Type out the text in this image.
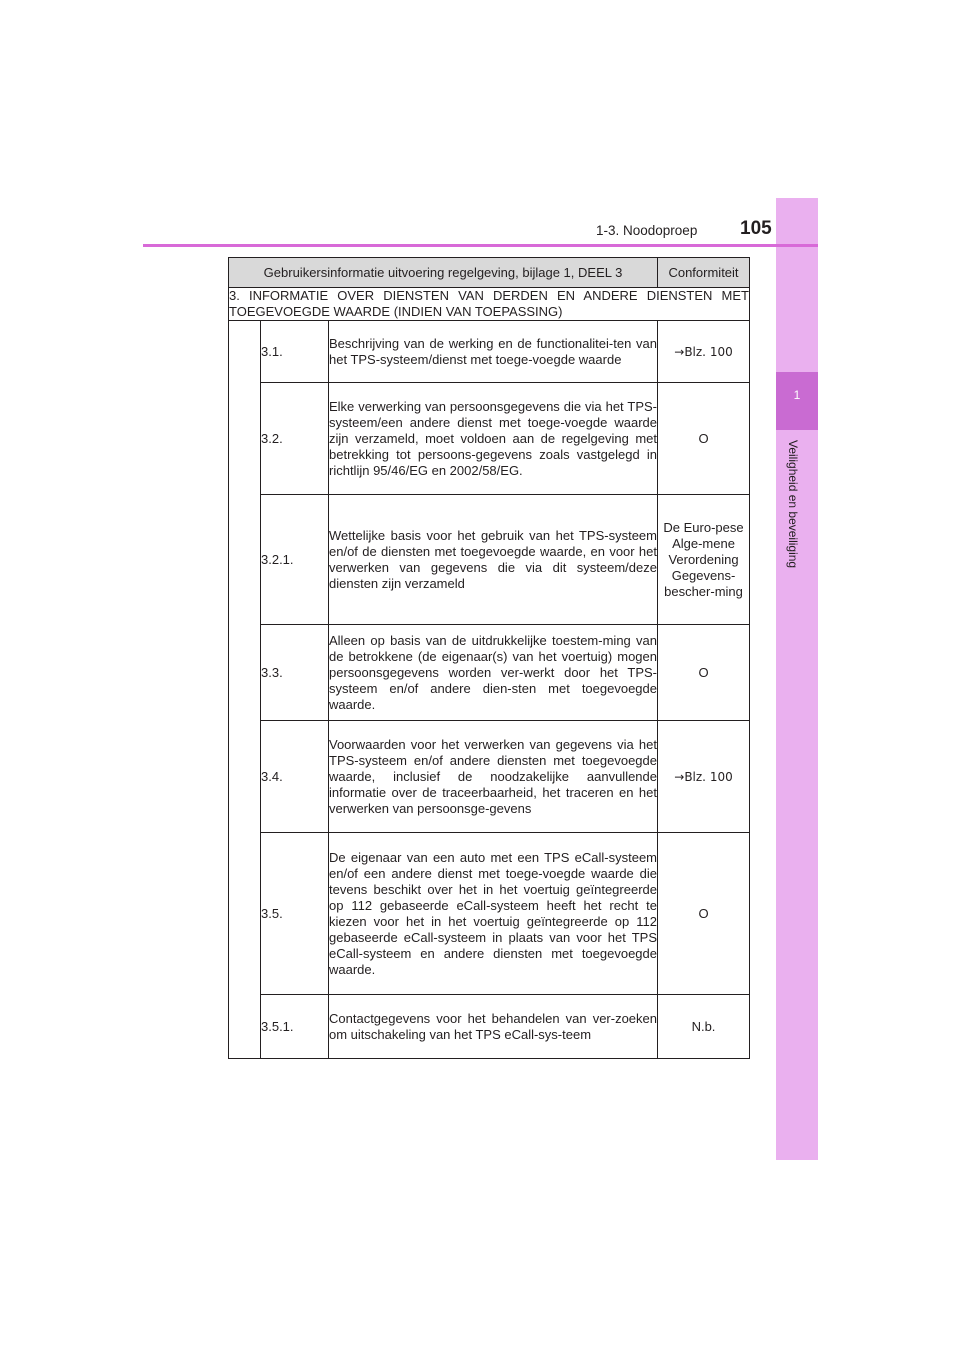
1
Veiligheid en beveiliging
1-3. Noodoproep 105
Gebruikersinformatie uitvoering regelgeving, bijlage 1, DEEL 3			Conformiteit
3. INFORMATIE OVER DIENSTEN VAN DERDEN EN ANDERE DIENSTEN MET TOEGEVOEGDE WAARDE (INDIEN VAN TOEPASSING)			
	3.1.	Beschrijving van de werking en de functionalitei-ten van het TPS-systeem/dienst met toege-voegde waarde	→Blz. 100
	3.2.	Elke verwerking van persoonsgegevens die via het TPS-systeem/een andere dienst met toege-voegde waarde zijn verzameld, moet voldoen aan de regelgeving met betrekking tot persoons-gegevens zoals vastgelegd in richtlijn 95/46/EG en 2002/58/EG.	O
	3.2.1.	Wettelijke basis voor het gebruik van het TPS-systeem en/of de diensten met toegevoegde waarde, en voor het verwerken van gegevens die via dit systeem/deze diensten zijn verzameld	De Euro-pese Alge-mene Verordening Gegevens-bescher-ming
	3.3.	Alleen op basis van de uitdrukkelijke toestem-ming van de betrokkene (de eigenaar(s) van het voertuig) mogen persoonsgegevens worden ver-werkt door het TPS-systeem en/of andere dien-sten met toegevoegde waarde.	O
	3.4.	Voorwaarden voor het verwerken van gegevens via het TPS-systeem en/of andere diensten met toegevoegde waarde, inclusief de noodzakelijke aanvullende informatie over de traceerbaarheid, het traceren en het verwerken van persoonsge-gevens	→Blz. 100
	3.5.	De eigenaar van een auto met een TPS eCall-systeem en/of een andere dienst met toege-voegde waarde die tevens beschikt over het in het voertuig geïntegreerde op 112 gebaseerde eCall-systeem heeft het recht te kiezen voor het in het voertuig geïntegreerde op 112 gebaseerde eCall-systeem in plaats van voor het TPS eCall-systeem en andere diensten met toegevoegde waarde.	O
	3.5.1.	Contactgegevens voor het behandelen van ver-zoeken om uitschakeling van het TPS eCall-sys-teem	N.b.
